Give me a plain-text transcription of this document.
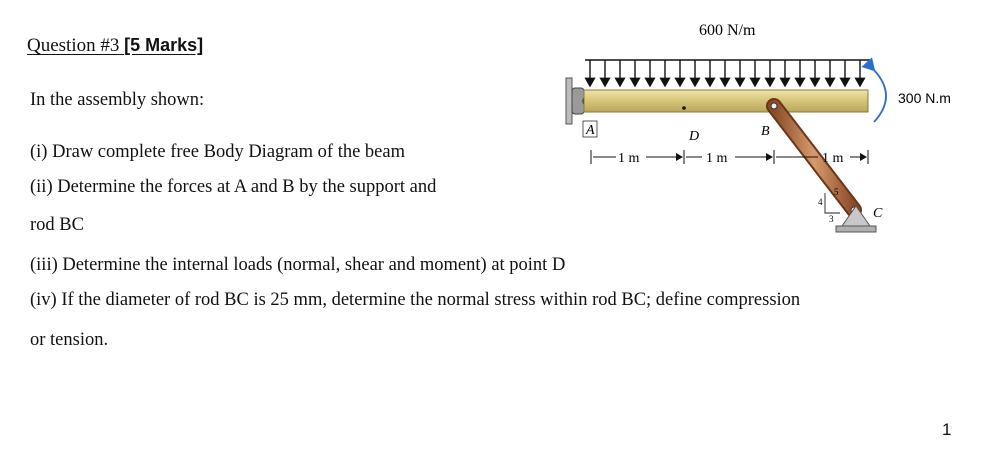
Question #3 [5 Marks]
In the assembly shown:
(i) Draw complete free Body Diagram of the beam
(ii) Determine the forces at A and B by the support and
rod BC
(iii) Determine the internal loads (normal, shear and moment) at point D
(iv) If the diameter of rod BC is 25 mm, determine the normal stress within rod BC; define compression
or tension.
600 N/m
4
5
3
300 N.m
A	D	B
C
1 m	1 m	1 m
1
